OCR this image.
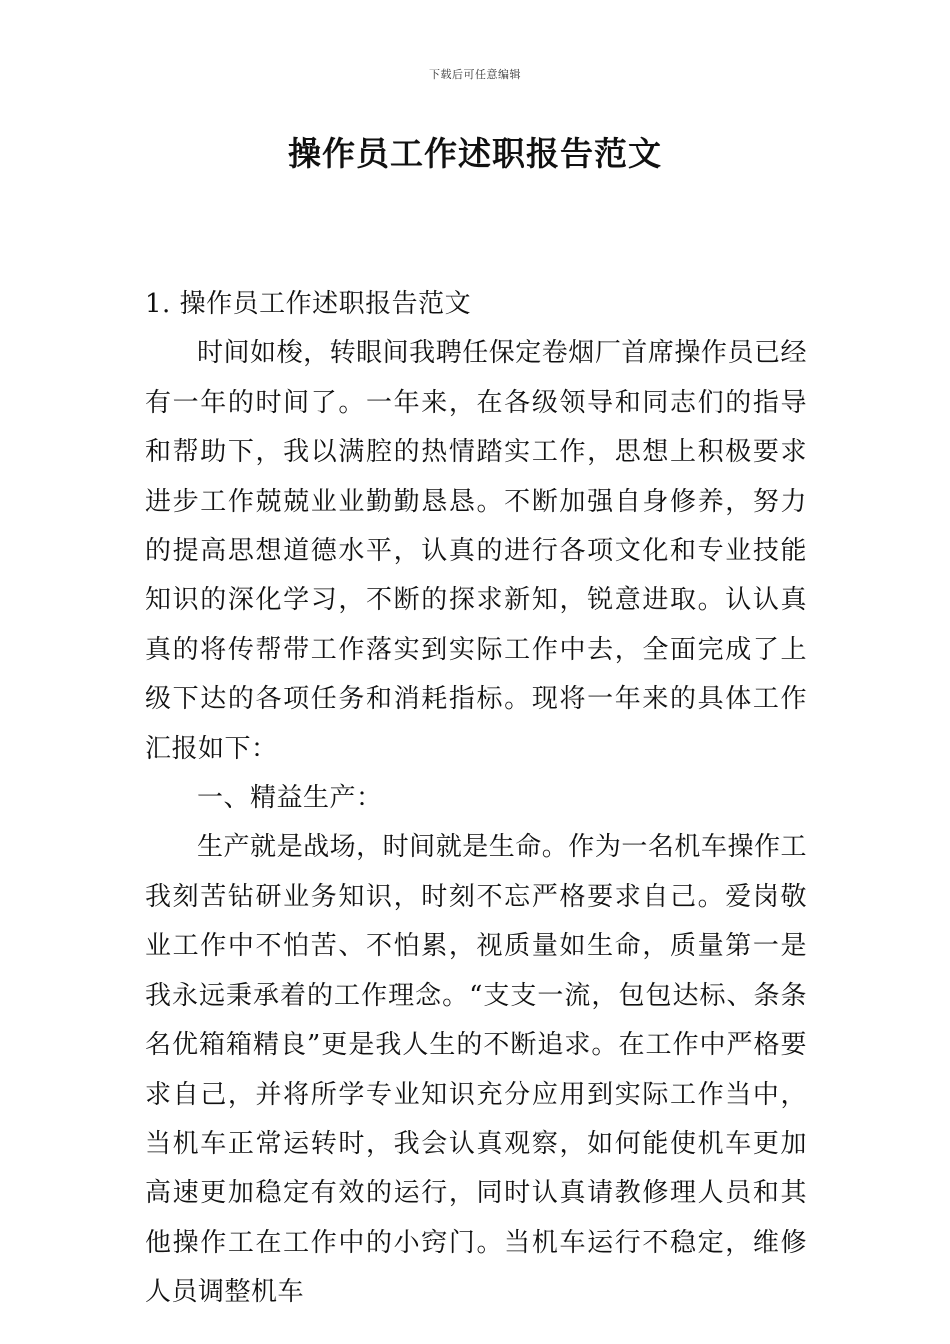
下载后可任意编辑
操作员工作述职报告范文

1. 操作员工作述职报告范文

时间如梭，转眼间我聘任保定卷烟厂首席操作员已经有一年的时间了。一年来，在各级领导和同志们的指导和帮助下，我以满腔的热情踏实工作，思想上积极要求进步工作兢兢业业勤勤恳恳。不断加强自身修养，努力的提高思想道德水平，认真的进行各项文化和专业技能知识的深化学习，不断的探求新知，锐意进取。认认真真的将传帮带工作落实到实际工作中去，全面完成了上级下达的各项任务和消耗指标。现将一年来的具体工作汇报如下：

一、精益生产：

生产就是战场，时间就是生命。作为一名机车操作工我刻苦钻研业务知识，时刻不忘严格要求自己。爱岗敬业工作中不怕苦、不怕累，视质量如生命，质量第一是我永远秉承着的工作理念。“支支一流，包包达标、条条名优箱箱精良”更是我人生的不断追求。在工作中严格要求自己，并将所学专业知识充分应用到实际工作当中，当机车正常运转时，我会认真观察，如何能使机车更加高速更加稳定有效的运行，同时认真请教修理人员和其他操作工在工作中的小窍门。当机车运行不稳定，维修人员调整机车
